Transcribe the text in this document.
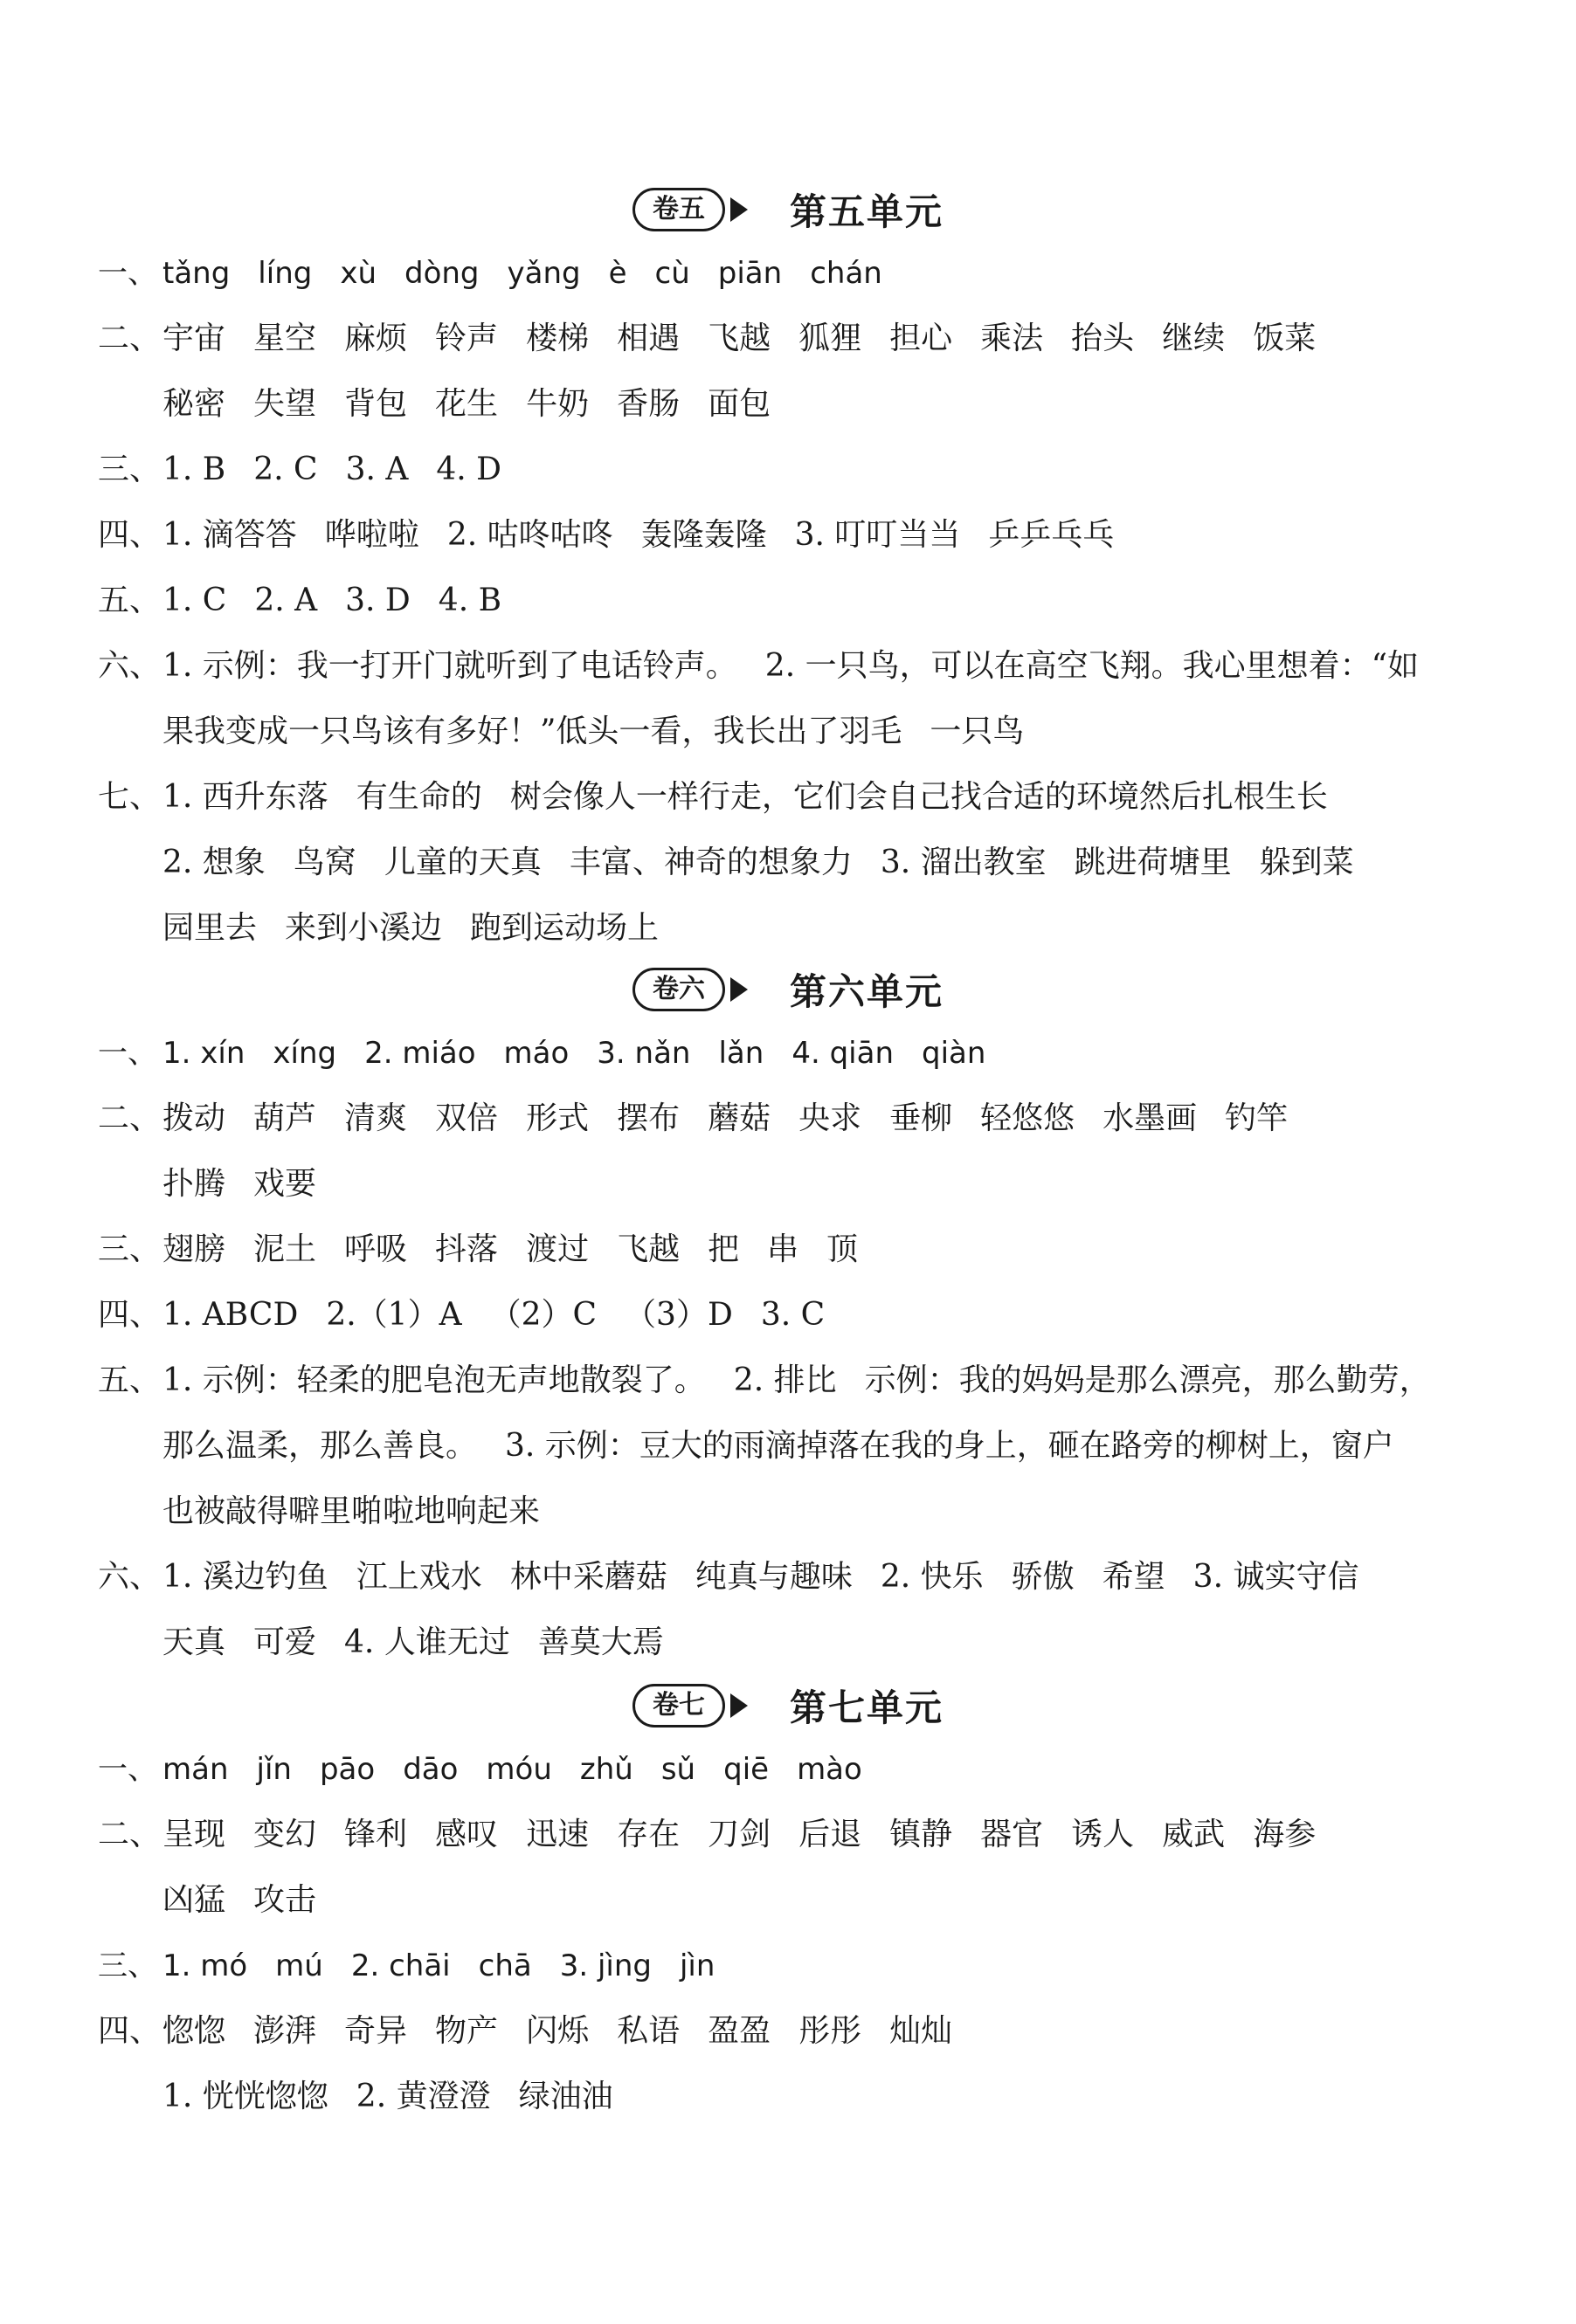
卷五	第五单元
一、 tǎng líng xù dòng yǎng è cù piān chán
二、 宇宙 星空 麻烦 铃声 楼梯 相遇 飞越 狐狸 担心 乘法 抬头 继续 饭菜
秘密 失望 背包 花生 牛奶 香肠 面包
三、 1. B 2. C 3. A 4. D
四、 1. 滴答答 哗啦啦 2. 咕咚咕咚 轰隆轰隆 3. 叮叮当当 乒乒乓乓
五、 1. C 2. A 3. D 4. B
六、 1. 示例：我一打开门就听到了电话铃声。 2. 一只鸟，可以在高空飞翔。我心里想着：“如
果我变成一只鸟该有多好！”低头一看，我长出了羽毛 一只鸟
七、 1. 西升东落 有生命的 树会像人一样行走，它们会自己找合适的环境然后扎根生长
2. 想象 鸟窝 儿童的天真 丰富、神奇的想象力 3. 溜出教室 跳进荷塘里 躲到菜
园里去 来到小溪边 跑到运动场上
卷六	第六单元
一、 1. xín xíng 2. miáo máo 3. nǎn lǎn 4. qiān qiàn
二、 拨动 葫芦 清爽 双倍 形式 摆布 蘑菇 央求 垂柳 轻悠悠 水墨画 钓竿
扑腾 戏要
三、 翅膀 泥土 呼吸 抖落 渡过 飞越 把 串 顶
四、 1. ABCD 2.（1）A （2）C （3）D 3. C
五、 1. 示例：轻柔的肥皂泡无声地散裂了。 2. 排比 示例：我的妈妈是那么漂亮，那么勤劳，
那么温柔，那么善良。 3. 示例：豆大的雨滴掉落在我的身上，砸在路旁的柳树上，窗户
也被敲得噼里啪啦地响起来
六、 1. 溪边钓鱼 江上戏水 林中采蘑菇 纯真与趣味 2. 快乐 骄傲 希望 3. 诚实守信
天真 可爱 4. 人谁无过 善莫大焉
卷七	第七单元
一、 mán jǐn pāo dāo móu zhǔ sǔ qiē mào
二、 呈现 变幻 锋利 感叹 迅速 存在 刀剑 后退 镇静 器官 诱人 威武 海参
凶猛 攻击
三、 1. mó mú 2. chāi chā 3. jìng jìn
四、 惚惚 澎湃 奇异 物产 闪烁 私语 盈盈 彤彤 灿灿
1. 恍恍惚惚 2. 黄澄澄 绿油油
